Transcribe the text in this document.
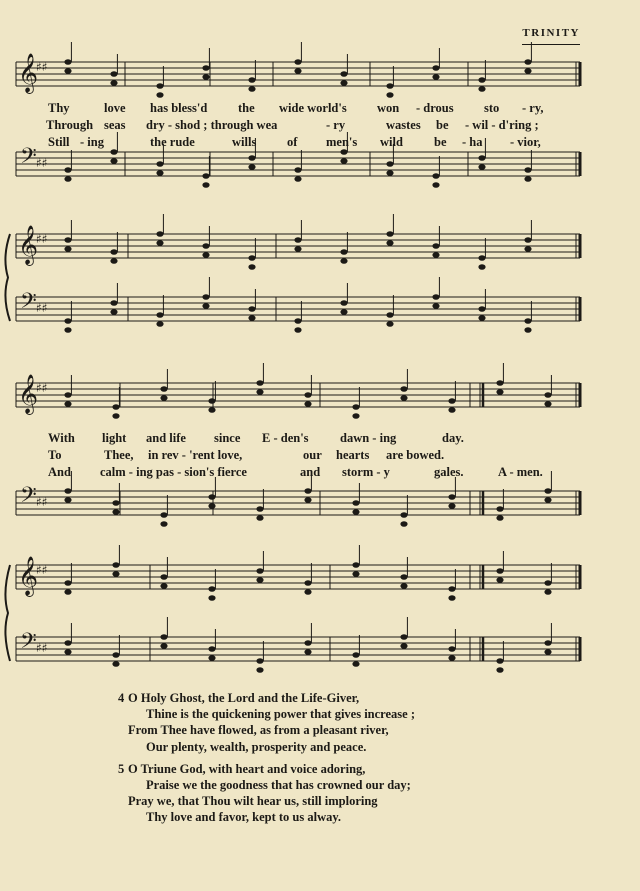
TRINITY
𝄞
♯♯
𝄢 ♯♯
𝄞
♯♯
𝄢 ♯♯
𝄞
♯♯
𝄢 ♯♯
𝄞
♯♯
𝄢 ♯♯
Thy	love has bless'd the wide world's won - drous sto - ry,
Through seas dry - shod ; through wea	- ry	wastes be - wil - d'ring ;
Still - ing	the rude	wills of men's wild be - ha - vior,
With light and life since E - den's	dawn - ing	day.
To	Thee, in rev - 'rent love,	our hearts are bowed.
And calm - ing pas - sion's fierce	and storm - y	gales.	A - men.
4 O Holy Ghost, the Lord and the Life-Giver,
Thine is the quickening power that gives increase ;
From Thee have flowed, as from a pleasant river,
Our plenty, wealth, prosperity and peace.
5 O Triune God, with heart and voice adoring,
Praise we the goodness that has crowned our day;
Pray we, that Thou wilt hear us, still imploring
Thy love and favor, kept to us alway.
